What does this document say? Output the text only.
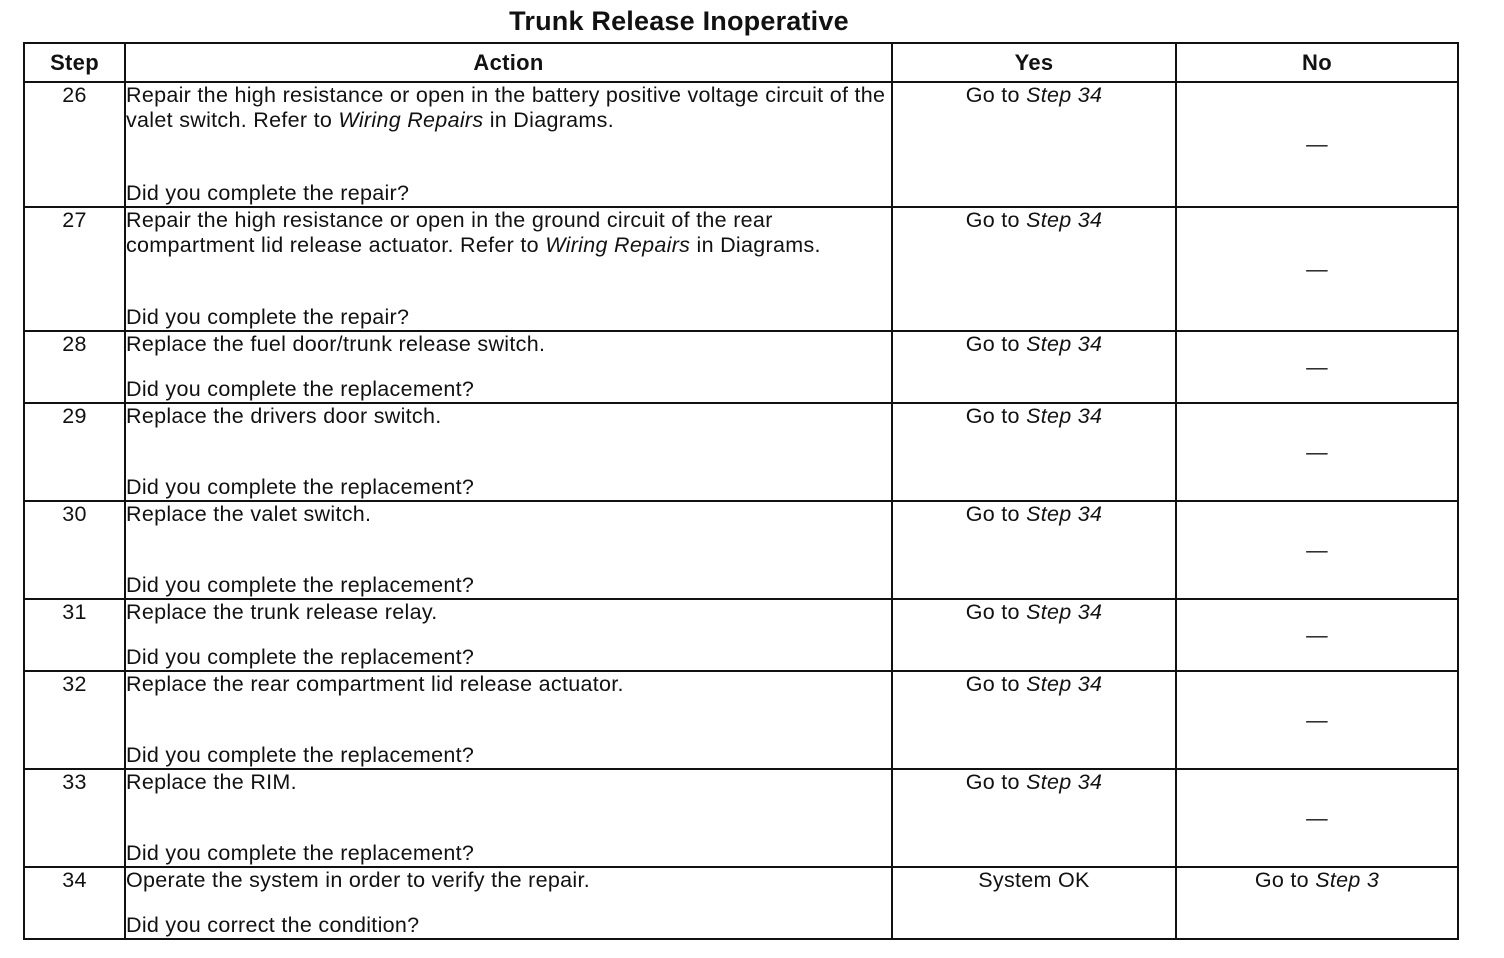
Trunk Release Inoperative
Step	Action	Yes	No
26	Repair the high resistance or open in the battery positive voltage circuit of the valet switch. Refer to Wiring Repairs in Diagrams.
Did you complete the repair?	Go to Step 34	—
27	Repair the high resistance or open in the ground circuit of the rear compartment lid release actuator. Refer to Wiring Repairs in Diagrams.
Did you complete the repair?	Go to Step 34	—
28	Replace the fuel door/trunk release switch.
Did you complete the replacement?	Go to Step 34	—
29	Replace the drivers door switch.
Did you complete the replacement?	Go to Step 34	—
30	Replace the valet switch.
Did you complete the replacement?	Go to Step 34	—
31	Replace the trunk release relay.
Did you complete the replacement?	Go to Step 34	—
32	Replace the rear compartment lid release actuator.
Did you complete the replacement?	Go to Step 34	—
33	Replace the RIM.
Did you complete the replacement?	Go to Step 34	—
34	Operate the system in order to verify the repair.
Did you correct the condition?	System OK	Go to Step 3
